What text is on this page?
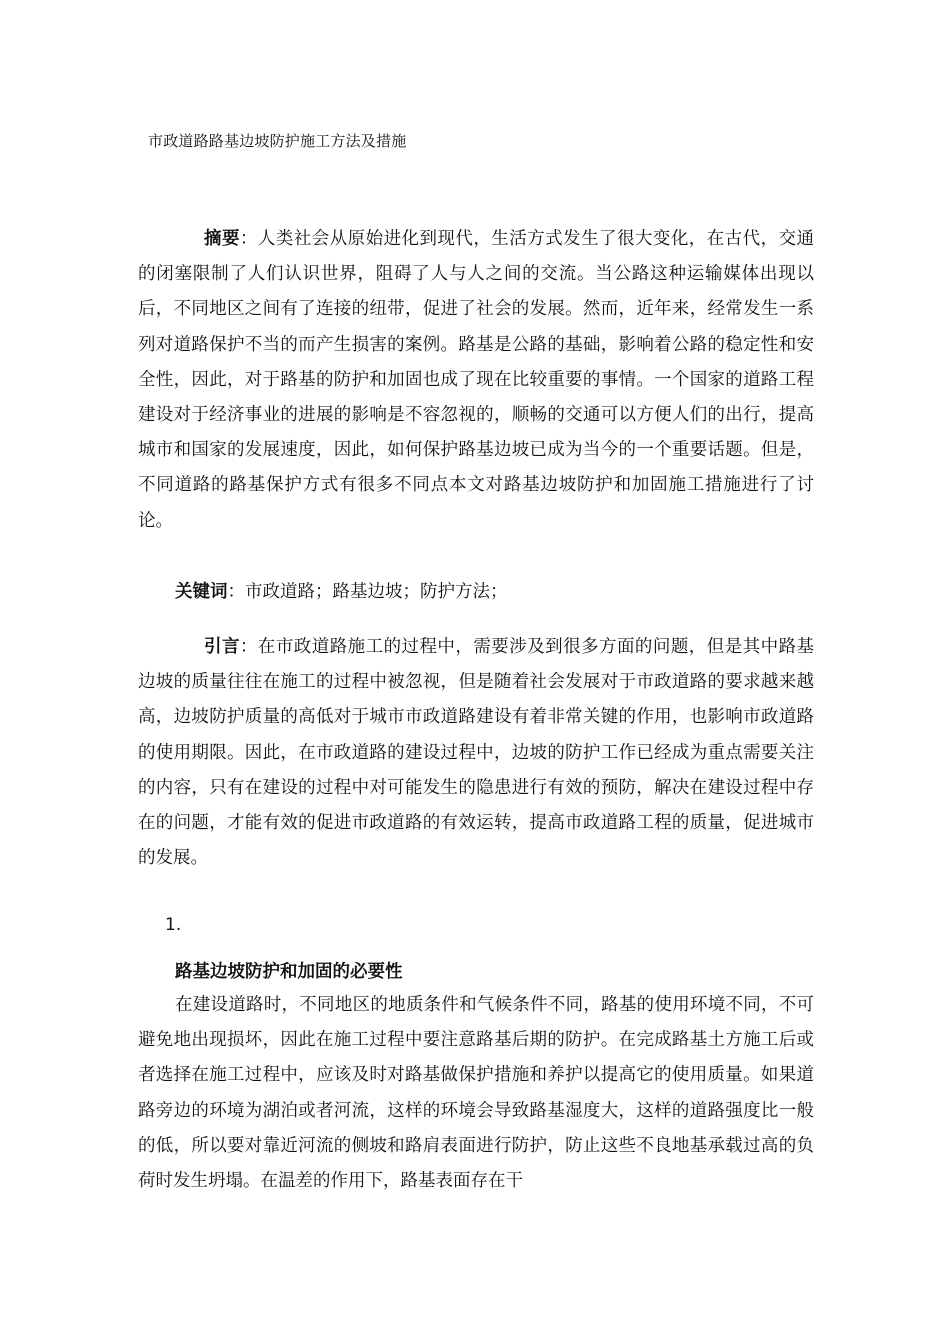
市政道路路基边坡防护施工方法及措施
摘要：人类社会从原始进化到现代，生活方式发生了很大变化，在古代，交通的闭塞限制了人们认识世界，阻碍了人与人之间的交流。当公路这种运输媒体出现以后，不同地区之间有了连接的纽带，促进了社会的发展。然而，近年来，经常发生一系列对道路保护不当的而产生损害的案例。路基是公路的基础，影响着公路的稳定性和安全性，因此，对于路基的防护和加固也成了现在比较重要的事情。一个国家的道路工程建设对于经济事业的进展的影响是不容忽视的，顺畅的交通可以方便人们的出行，提高城市和国家的发展速度，因此，如何保护路基边坡已成为当今的一个重要话题。但是，不同道路的路基保护方式有很多不同点本文对路基边坡防护和加固施工措施进行了讨论。
关键词：市政道路；路基边坡；防护方法；
引言：在市政道路施工的过程中，需要涉及到很多方面的问题，但是其中路基边坡的质量往往在施工的过程中被忽视，但是随着社会发展对于市政道路的要求越来越高，边坡防护质量的高低对于城市市政道路建设有着非常关键的作用，也影响市政道路的使用期限。因此，在市政道路的建设过程中，边坡的防护工作已经成为重点需要关注的内容，只有在建设的过程中对可能发生的隐患进行有效的预防，解决在建设过程中存在的问题，才能有效的促进市政道路的有效运转，提高市政道路工程的质量，促进城市的发展。
1.
路基边坡防护和加固的必要性
在建设道路时，不同地区的地质条件和气候条件不同，路基的使用环境不同，不可避免地出现损坏，因此在施工过程中要注意路基后期的防护。在完成路基土方施工后或者选择在施工过程中，应该及时对路基做保护措施和养护以提高它的使用质量。如果道路旁边的环境为湖泊或者河流，这样的环境会导致路基湿度大，这样的道路强度比一般的低，所以要对靠近河流的侧坡和路肩表面进行防护，防止这些不良地基承载过高的负荷时发生坍塌。在温差的作用下，路基表面存在干
